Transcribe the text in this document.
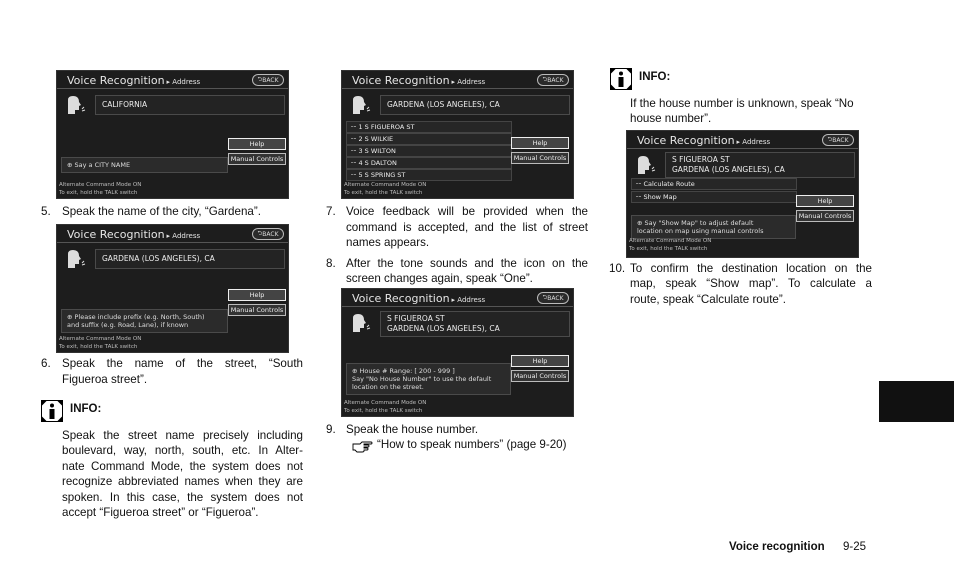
Voice Recognition ▸ Address	⮌ BACK
CALIFORNIA
Help
Manual Controls
⊕ Say a CITY NAME
Alternate Command Mode ON
To exit, hold the TALK switch
5. Speak the name of the city, “Gardena”.
Voice Recognition ▸ Address	⮌ BACK
GARDENA (LOS ANGELES), CA
Help
Manual Controls
⊕ Please include prefix (e.g. North, South)
and suffix (e.g. Road, Lane), if known
Alternate Command Mode ON
To exit, hold the TALK switch
6. Speak the name of the street, “South
Figueroa street”.
INFO:
Speak the street name precisely including
boulevard, way, north, south, etc. In Alter-
nate Command Mode, the system does not
recognize abbreviated names when they are
spoken. In this case, the system does not
accept “Figueroa street” or “Figueroa”.
Voice Recognition ▸ Address	⮌ BACK
GARDENA (LOS ANGELES), CA
ᵕᵕ 1 S FIGUEROA ST
ᵕᵕ 2 S WILKIE
ᵕᵕ 3 S WILTON
ᵕᵕ 4 S DALTON
ᵕᵕ 5 S SPRING ST
Help
Manual Controls
Alternate Command Mode ON
To exit, hold the TALK switch
7. Voice feedback will be provided when the
command is accepted, and the list of street
names appears.
8. After the tone sounds and the icon on the
screen changes again, speak “One”.
Voice Recognition ▸ Address	⮌ BACK
S FIGUEROA ST
GARDENA (LOS ANGELES), CA
Help
Manual Controls
⊕ House # Range: [ 200 - 999 ]
Say "No House Number" to use the default
location on the street.
Alternate Command Mode ON
To exit, hold the TALK switch
9. Speak the house number.
“How to speak numbers” (page 9-20)
INFO:
If the house number is unknown, speak “No
house number”.
Voice Recognition ▸ Address	⮌ BACK
S FIGUEROA ST
GARDENA (LOS ANGELES), CA
ᵕᵕ Calculate Route
ᵕᵕ Show Map	Help
Manual Controls
⊕ Say "Show Map" to adjust default
location on map using manual controls
Alternate Command Mode ON
To exit, hold the TALK switch
10. To confirm the destination location on the
map, speak “Show map”. To calculate a
route, speak “Calculate route”.
Voice recognition 9-25
